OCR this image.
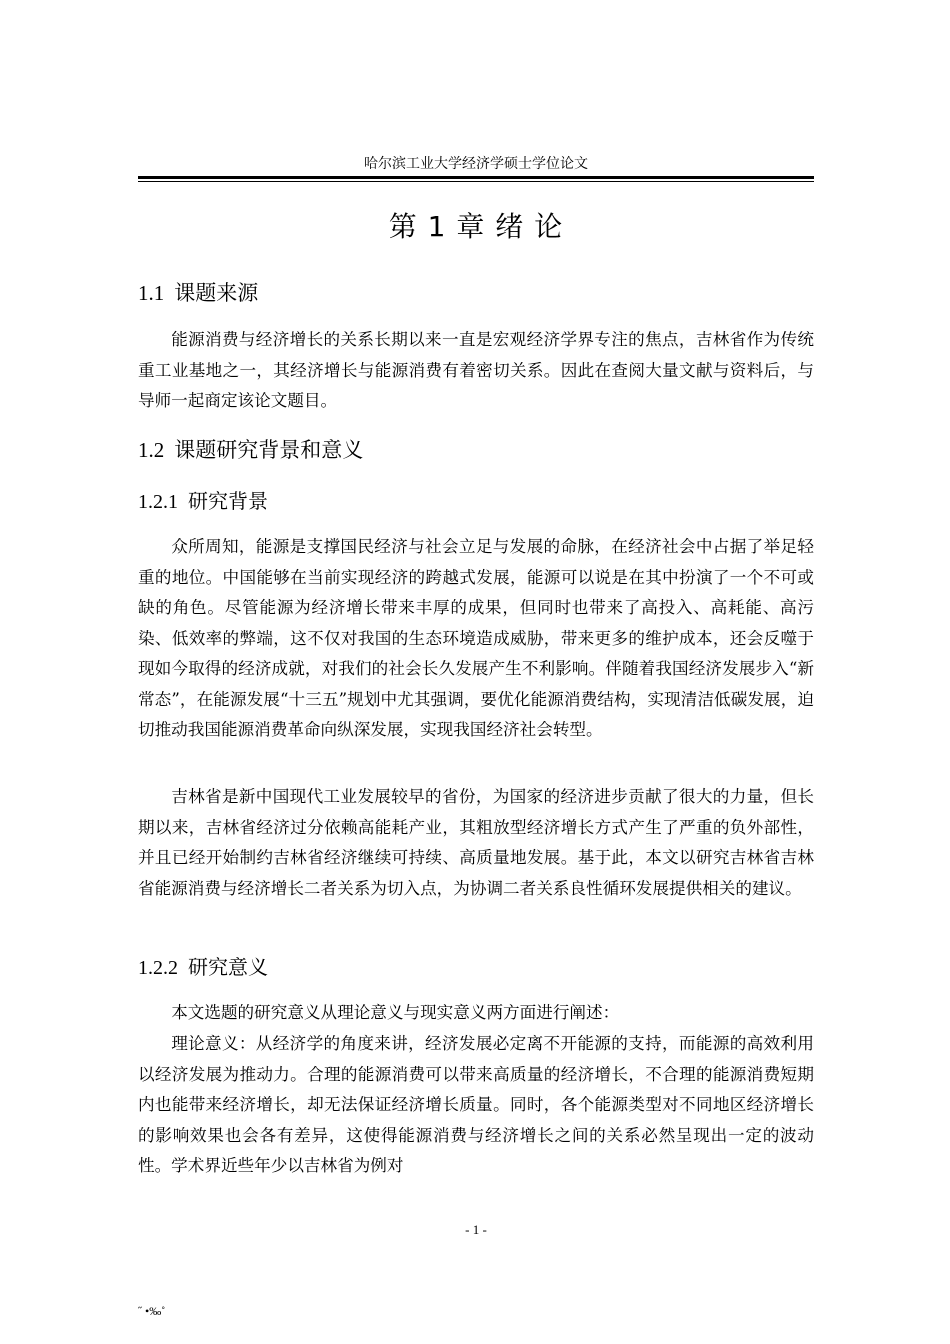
哈尔滨工业大学经济学硕士学位论文
第 1 章 绪 论
1.1 课题来源

能源消费与经济增长的关系长期以来一直是宏观经济学界专注的焦点，吉林省作为传统重工业基地之一，其经济增长与能源消费有着密切关系。因此在查阅大量文献与资料后，与导师一起商定该论文题目。

1.2 课题研究背景和意义
1.2.1 研究背景

众所周知，能源是支撑国民经济与社会立足与发展的命脉，在经济社会中占据了举足轻重的地位。中国能够在当前实现经济的跨越式发展，能源可以说是在其中扮演了一个不可或缺的角色。尽管能源为经济增长带来丰厚的成果，但同时也带来了高投入、高耗能、高污染、低效率的弊端，这不仅对我国的生态环境造成威胁，带来更多的维护成本，还会反噬于现如今取得的经济成就，对我们的社会长久发展产生不利影响。伴随着我国经济发展步入“新常态”，在能源发展“十三五”规划中尤其强调，要优化能源消费结构，实现清洁低碳发展，迫切推动我国能源消费革命向纵深发展，实现我国经济社会转型。

吉林省是新中国现代工业发展较早的省份，为国家的经济进步贡献了很大的力量，但长期以来，吉林省经济过分依赖高能耗产业，其粗放型经济增长方式产生了严重的负外部性，并且已经开始制约吉林省经济继续可持续、高质量地发展。基于此，本文以研究吉林省吉林省能源消费与经济增长二者关系为切入点，为协调二者关系良性循环发展提供相关的建议。

1.2.2 研究意义

本文选题的研究意义从理论意义与现实意义两方面进行阐述：

理论意义：从经济学的角度来讲，经济发展必定离不开能源的支持，而能源的高效利用以经济发展为推动力。合理的能源消费可以带来高质量的经济增长，不合理的能源消费短期内也能带来经济增长，却无法保证经济增长质量。同时，各个能源类型对不同地区经济增长的影响效果也会各有差异，这使得能源消费与经济增长之间的关系必然呈现出一定的波动性。学术界近些年少以吉林省为例对

- 1 -
˝ •‰˚
